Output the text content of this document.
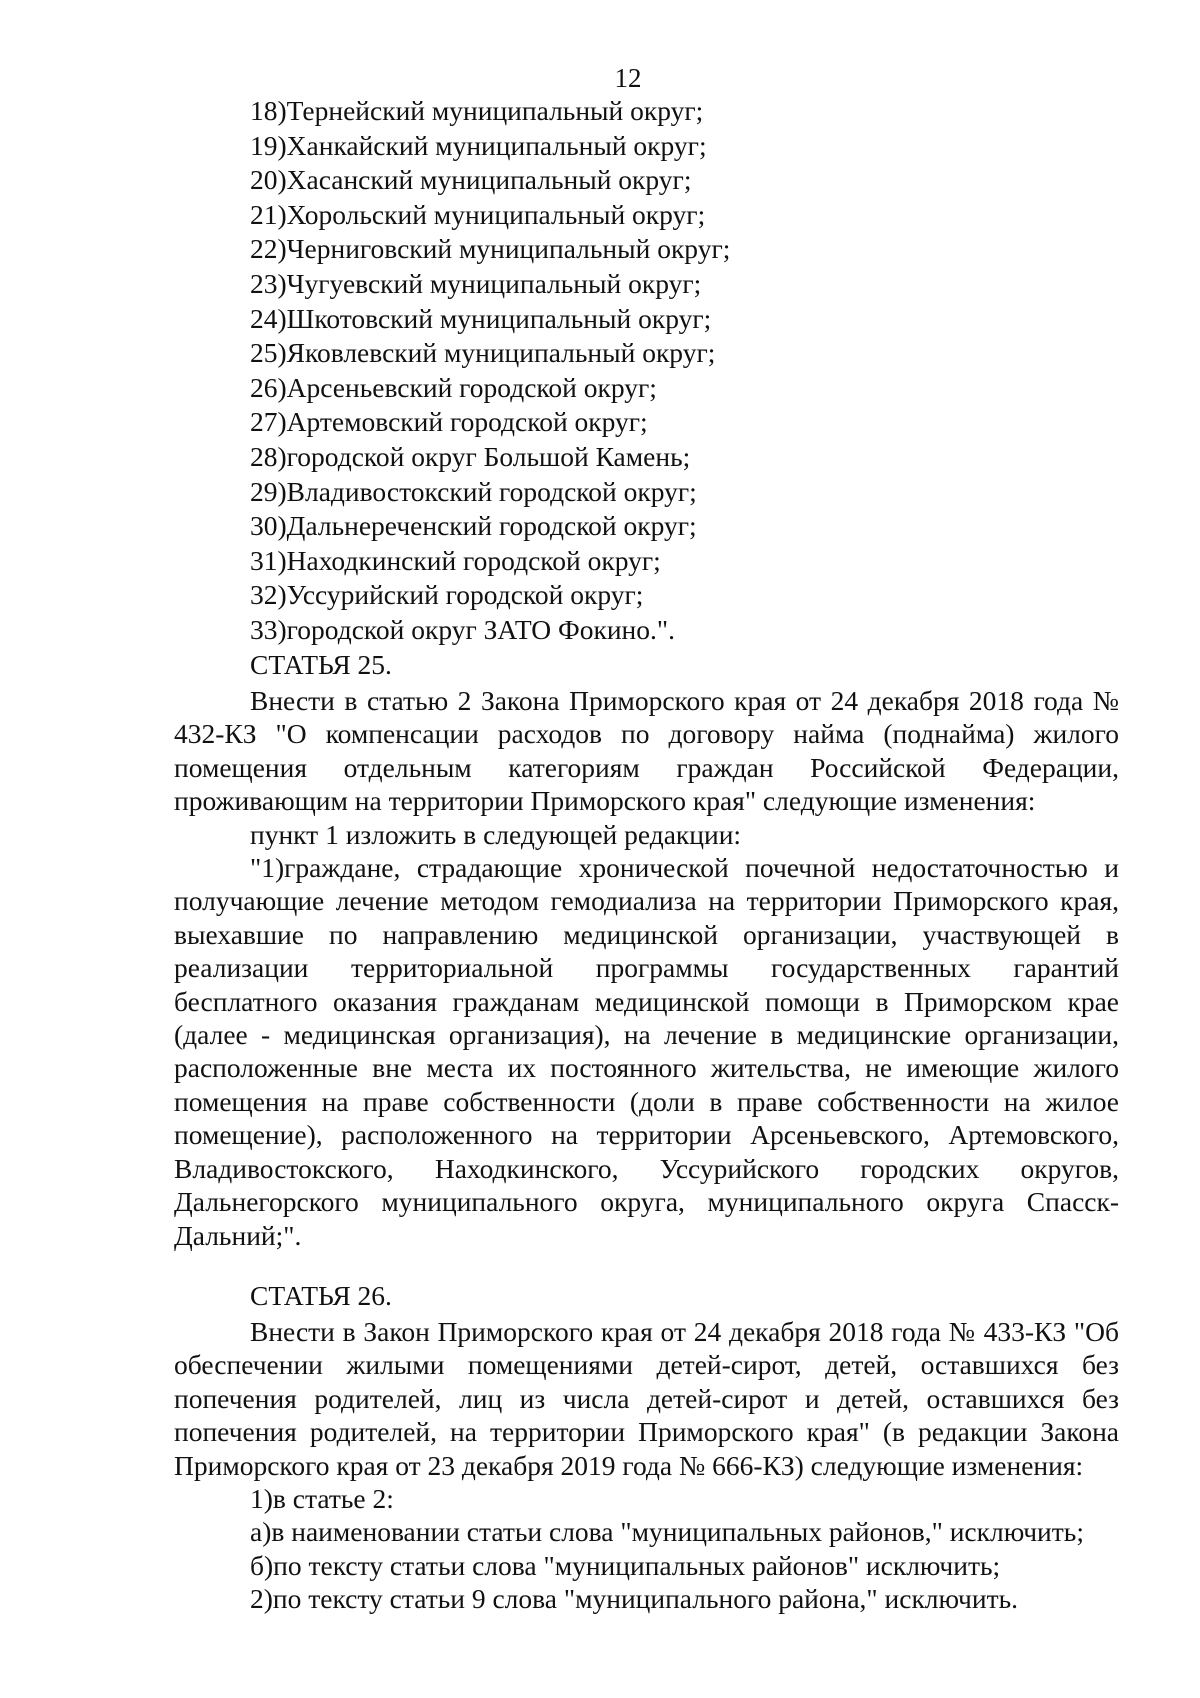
12
18)Тернейский муниципальный округ;
19)Ханкайский муниципальный округ;
20)Хасанский муниципальный округ;
21)Хорольский муниципальный округ;
22)Черниговский муниципальный округ;
23)Чугуевский муниципальный округ;
24)Шкотовский муниципальный округ;
25)Яковлевский муниципальный округ;
26)Арсеньевский городской округ;
27)Артемовский городской округ;
28)городской округ Большой Камень;
29)Владивостокский городской округ;
30)Дальнереченский городской округ;
31)Находкинский городской округ;
32)Уссурийский городской округ;
33)городской округ ЗАТО Фокино.".
СТАТЬЯ 25.

Внести в статью 2 Закона Приморского края от 24 декабря 2018 года № 432-КЗ "О компенсации расходов по договору найма (поднайма) жилого помещения отдельным категориям граждан Российской Федерации, проживающим на территории Приморского края" следующие изменения:

пункт 1 изложить в следующей редакции:

"1)граждане, страдающие хронической почечной недостаточностью и получающие лечение методом гемодиализа на территории Приморского края, выехавшие по направлению медицинской организации, участвующей в реализации территориальной программы государственных гарантий бесплатного оказания гражданам медицинской помощи в Приморском крае (далее - медицинская организация), на лечение в медицинские организации, расположенные вне места их постоянного жительства, не имеющие жилого помещения на праве собственности (доли в праве собственности на жилое помещение), расположенного на территории Арсеньевского, Артемовского, Владивостокского, Находкинского, Уссурийского городских округов, Дальнегорского муниципального округа, муниципального округа Спасск-Дальний;".

СТАТЬЯ 26.

Внести в Закон Приморского края от 24 декабря 2018 года № 433-КЗ "Об обеспечении жилыми помещениями детей-сирот, детей, оставшихся без попечения родителей, лиц из числа детей-сирот и детей, оставшихся без попечения родителей, на территории Приморского края" (в редакции Закона Приморского края от 23 декабря 2019 года № 666-КЗ) следующие изменения:

1)в статье 2:

а)в наименовании статьи слова "муниципальных районов," исключить;

б)по тексту статьи слова "муниципальных районов" исключить;

2)по тексту статьи 9 слова "муниципального района," исключить.
